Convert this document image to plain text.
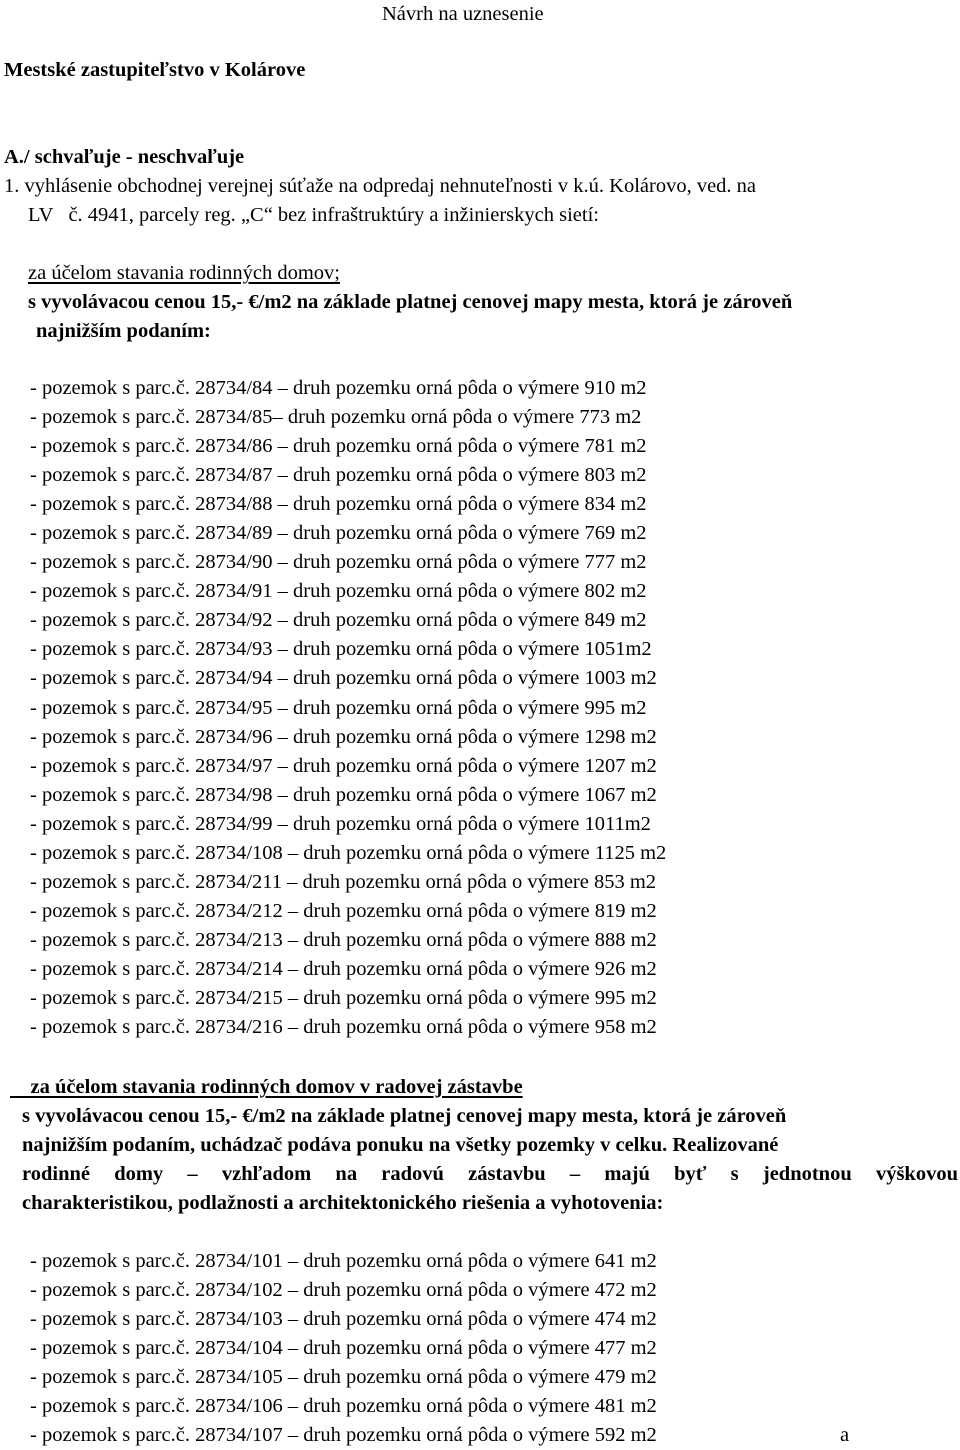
Návrh na uznesenie
Mestské zastupiteľstvo v Kolárove
A./ schvaľuje - neschvaľuje
1. vyhlásenie obchodnej verejnej súťaže na odpredaj nehnuteľnosti v k.ú. Kolárovo, ved. na
LV   č. 4941, parcely reg. „C“ bez infraštruktúry a inžinierskych sietí:
za účelom stavania rodinných domov;
s vyvolávacou cenou 15,- €/m2 na základe platnej cenovej mapy mesta, ktorá je zároveň
najnižším podaním:
- pozemok s parc.č. 28734/84 – druh pozemku orná pôda o výmere 910 m2
- pozemok s parc.č. 28734/85– druh pozemku orná pôda o výmere 773 m2
- pozemok s parc.č. 28734/86 – druh pozemku orná pôda o výmere 781 m2
- pozemok s parc.č. 28734/87 – druh pozemku orná pôda o výmere 803 m2
- pozemok s parc.č. 28734/88 – druh pozemku orná pôda o výmere 834 m2
- pozemok s parc.č. 28734/89 – druh pozemku orná pôda o výmere 769 m2
- pozemok s parc.č. 28734/90 – druh pozemku orná pôda o výmere 777 m2
- pozemok s parc.č. 28734/91 – druh pozemku orná pôda o výmere 802 m2
- pozemok s parc.č. 28734/92 – druh pozemku orná pôda o výmere 849 m2
- pozemok s parc.č. 28734/93 – druh pozemku orná pôda o výmere 1051m2
- pozemok s parc.č. 28734/94 – druh pozemku orná pôda o výmere 1003 m2
- pozemok s parc.č. 28734/95 – druh pozemku orná pôda o výmere 995 m2
- pozemok s parc.č. 28734/96 – druh pozemku orná pôda o výmere 1298 m2
- pozemok s parc.č. 28734/97 – druh pozemku orná pôda o výmere 1207 m2
- pozemok s parc.č. 28734/98 – druh pozemku orná pôda o výmere 1067 m2
- pozemok s parc.č. 28734/99 – druh pozemku orná pôda o výmere 1011m2
- pozemok s parc.č. 28734/108 – druh pozemku orná pôda o výmere 1125 m2
- pozemok s parc.č. 28734/211 – druh pozemku orná pôda o výmere 853 m2
- pozemok s parc.č. 28734/212 – druh pozemku orná pôda o výmere 819 m2
- pozemok s parc.č. 28734/213 – druh pozemku orná pôda o výmere 888 m2
- pozemok s parc.č. 28734/214 – druh pozemku orná pôda o výmere 926 m2
- pozemok s parc.č. 28734/215 – druh pozemku orná pôda o výmere 995 m2
- pozemok s parc.č. 28734/216 – druh pozemku orná pôda o výmere 958 m2
za účelom stavania rodinných domov v radovej zástavbe
s vyvolávacou cenou 15,- €/m2 na základe platnej cenovej mapy mesta, ktorá je zároveň
najnižším podaním, uchádzač podáva ponuku na všetky pozemky v celku. Realizované
rodinné domy – vzhľadom na radovú zástavbu – majú byť s jednotnou výškovou
charakteristikou, podlažnosti a architektonického riešenia a vyhotovenia:
- pozemok s parc.č. 28734/101 – druh pozemku orná pôda o výmere 641 m2
- pozemok s parc.č. 28734/102 – druh pozemku orná pôda o výmere 472 m2
- pozemok s parc.č. 28734/103 – druh pozemku orná pôda o výmere 474 m2
- pozemok s parc.č. 28734/104 – druh pozemku orná pôda o výmere 477 m2
- pozemok s parc.č. 28734/105 – druh pozemku orná pôda o výmere 479 m2
- pozemok s parc.č. 28734/106 – druh pozemku orná pôda o výmere 481 m2
- pozemok s parc.č. 28734/107 – druh pozemku orná pôda o výmere 592 m2	a
